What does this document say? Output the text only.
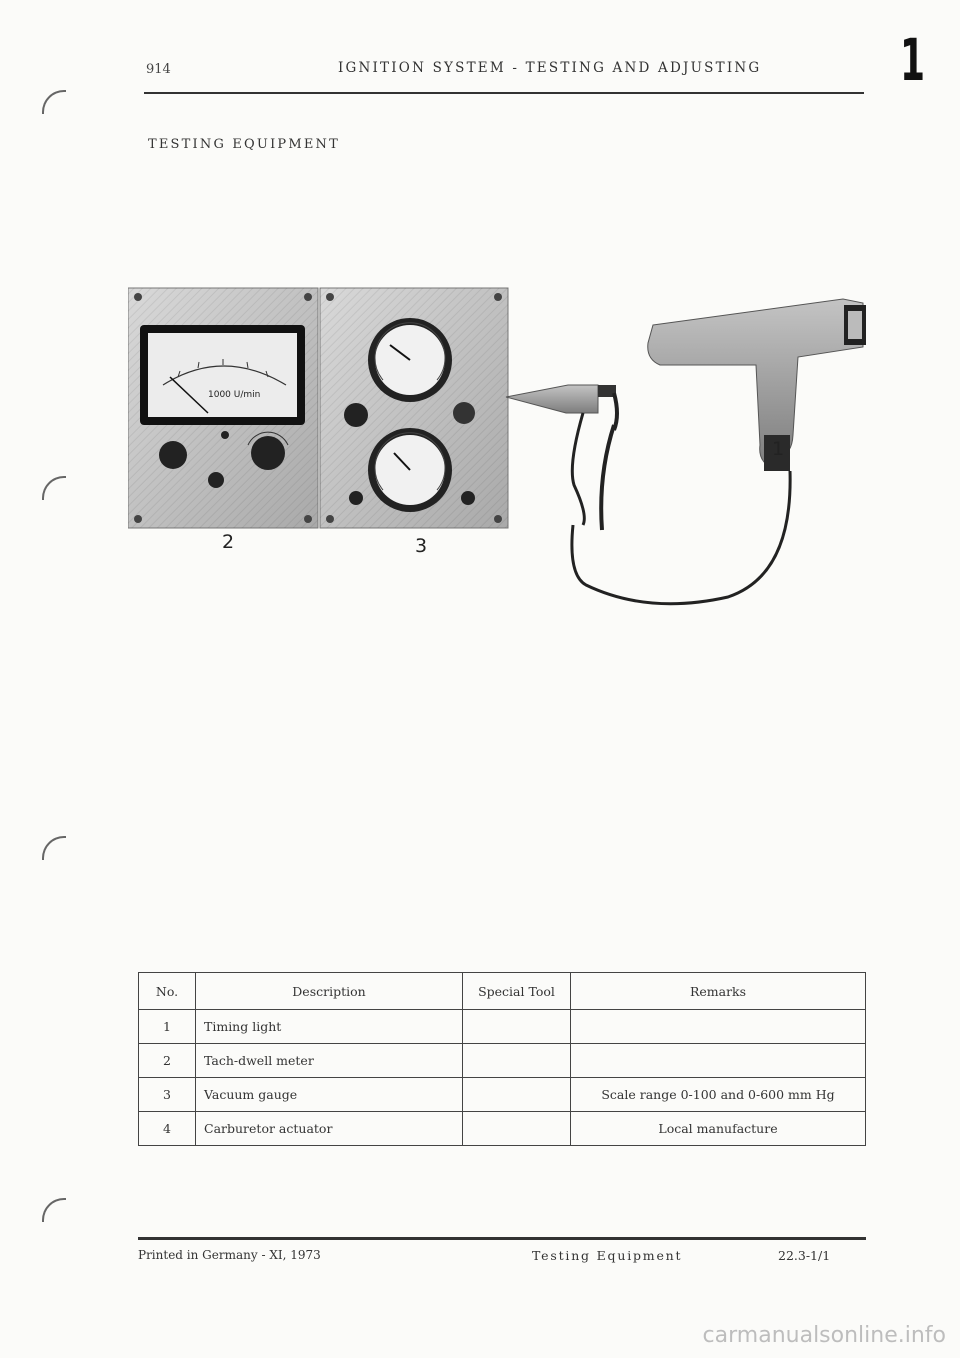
914	IGNITION SYSTEM - TESTING AND ADJUSTING 1
TESTING EQUIPMENT
1000 U/min
1
2	3
No.	Description	Special Tool	Remarks
1	Timing light		
2	Tach-dwell meter		
3	Vacuum gauge		Scale range 0-100 and 0-600 mm Hg
4	Carburetor actuator		Local manufacture
Printed in Germany - XI, 1973	Testing Equipment	22.3-1/1
carmanualsonline.info
